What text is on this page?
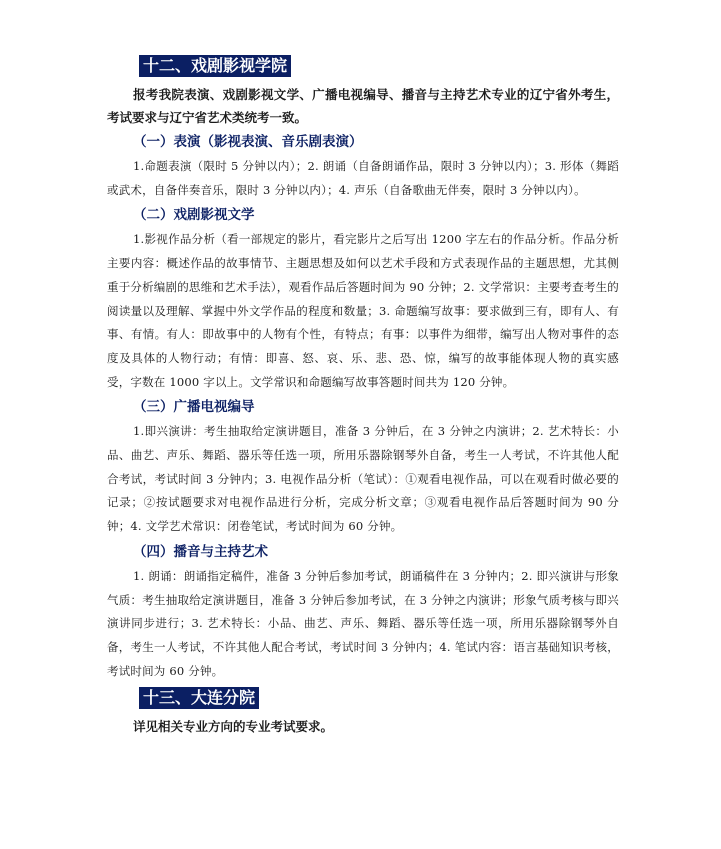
十二、戏剧影视学院

报考我院表演、戏剧影视文学、广播电视编导、播音与主持艺术专业的辽宁省外考生，考试要求与辽宁省艺术类统考一致。

（一）表演（影视表演、音乐剧表演）

1.命题表演（限时 5 分钟以内）；2. 朗诵（自备朗诵作品，限时 3 分钟以内）；3. 形体（舞蹈或武术，自备伴奏音乐，限时 3 分钟以内）；4. 声乐（自备歌曲无伴奏，限时 3 分钟以内）。

（二）戏剧影视文学

1.影视作品分析（看一部规定的影片，看完影片之后写出 1200 字左右的作品分析。作品分析主要内容：概述作品的故事情节、主题思想及如何以艺术手段和方式表现作品的主题思想，尤其侧重于分析编剧的思维和艺术手法），观看作品后答题时间为 90 分钟；2. 文学常识：主要考查考生的阅读量以及理解、掌握中外文学作品的程度和数量；3. 命题编写故事：要求做到三有，即有人、有事、有情。有人：即故事中的人物有个性，有特点；有事：以事件为细带，编写出人物对事件的态度及具体的人物行动；有情：即喜、怒、哀、乐、悲、恐、惊，编写的故事能体现人物的真实感受，字数在 1000 字以上。文学常识和命题编写故事答题时间共为 120 分钟。

（三）广播电视编导

1.即兴演讲：考生抽取给定演讲题目，准备 3 分钟后，在 3 分钟之内演讲；2. 艺术特长：小品、曲艺、声乐、舞蹈、器乐等任选一项，所用乐器除钢琴外自备，考生一人考试，不许其他人配合考试，考试时间 3 分钟内；3. 电视作品分析（笔试）：①观看电视作品，可以在观看时做必要的记录；②按试题要求对电视作品进行分析，完成分析文章；③观看电视作品后答题时间为 90 分钟；4. 文学艺术常识：闭卷笔试，考试时间为 60 分钟。

（四）播音与主持艺术

1. 朗诵：朗诵指定稿件，准备 3 分钟后参加考试，朗诵稿件在 3 分钟内；2. 即兴演讲与形象气质：考生抽取给定演讲题目，准备 3 分钟后参加考试，在 3 分钟之内演讲；形象气质考核与即兴演讲同步进行；3. 艺术特长：小品、曲艺、声乐、舞蹈、器乐等任选一项，所用乐器除钢琴外自备，考生一人考试，不许其他人配合考试，考试时间 3 分钟内；4. 笔试内容：语言基础知识考核，考试时间为 60 分钟。

十三、大连分院

详见相关专业方向的专业考试要求。
